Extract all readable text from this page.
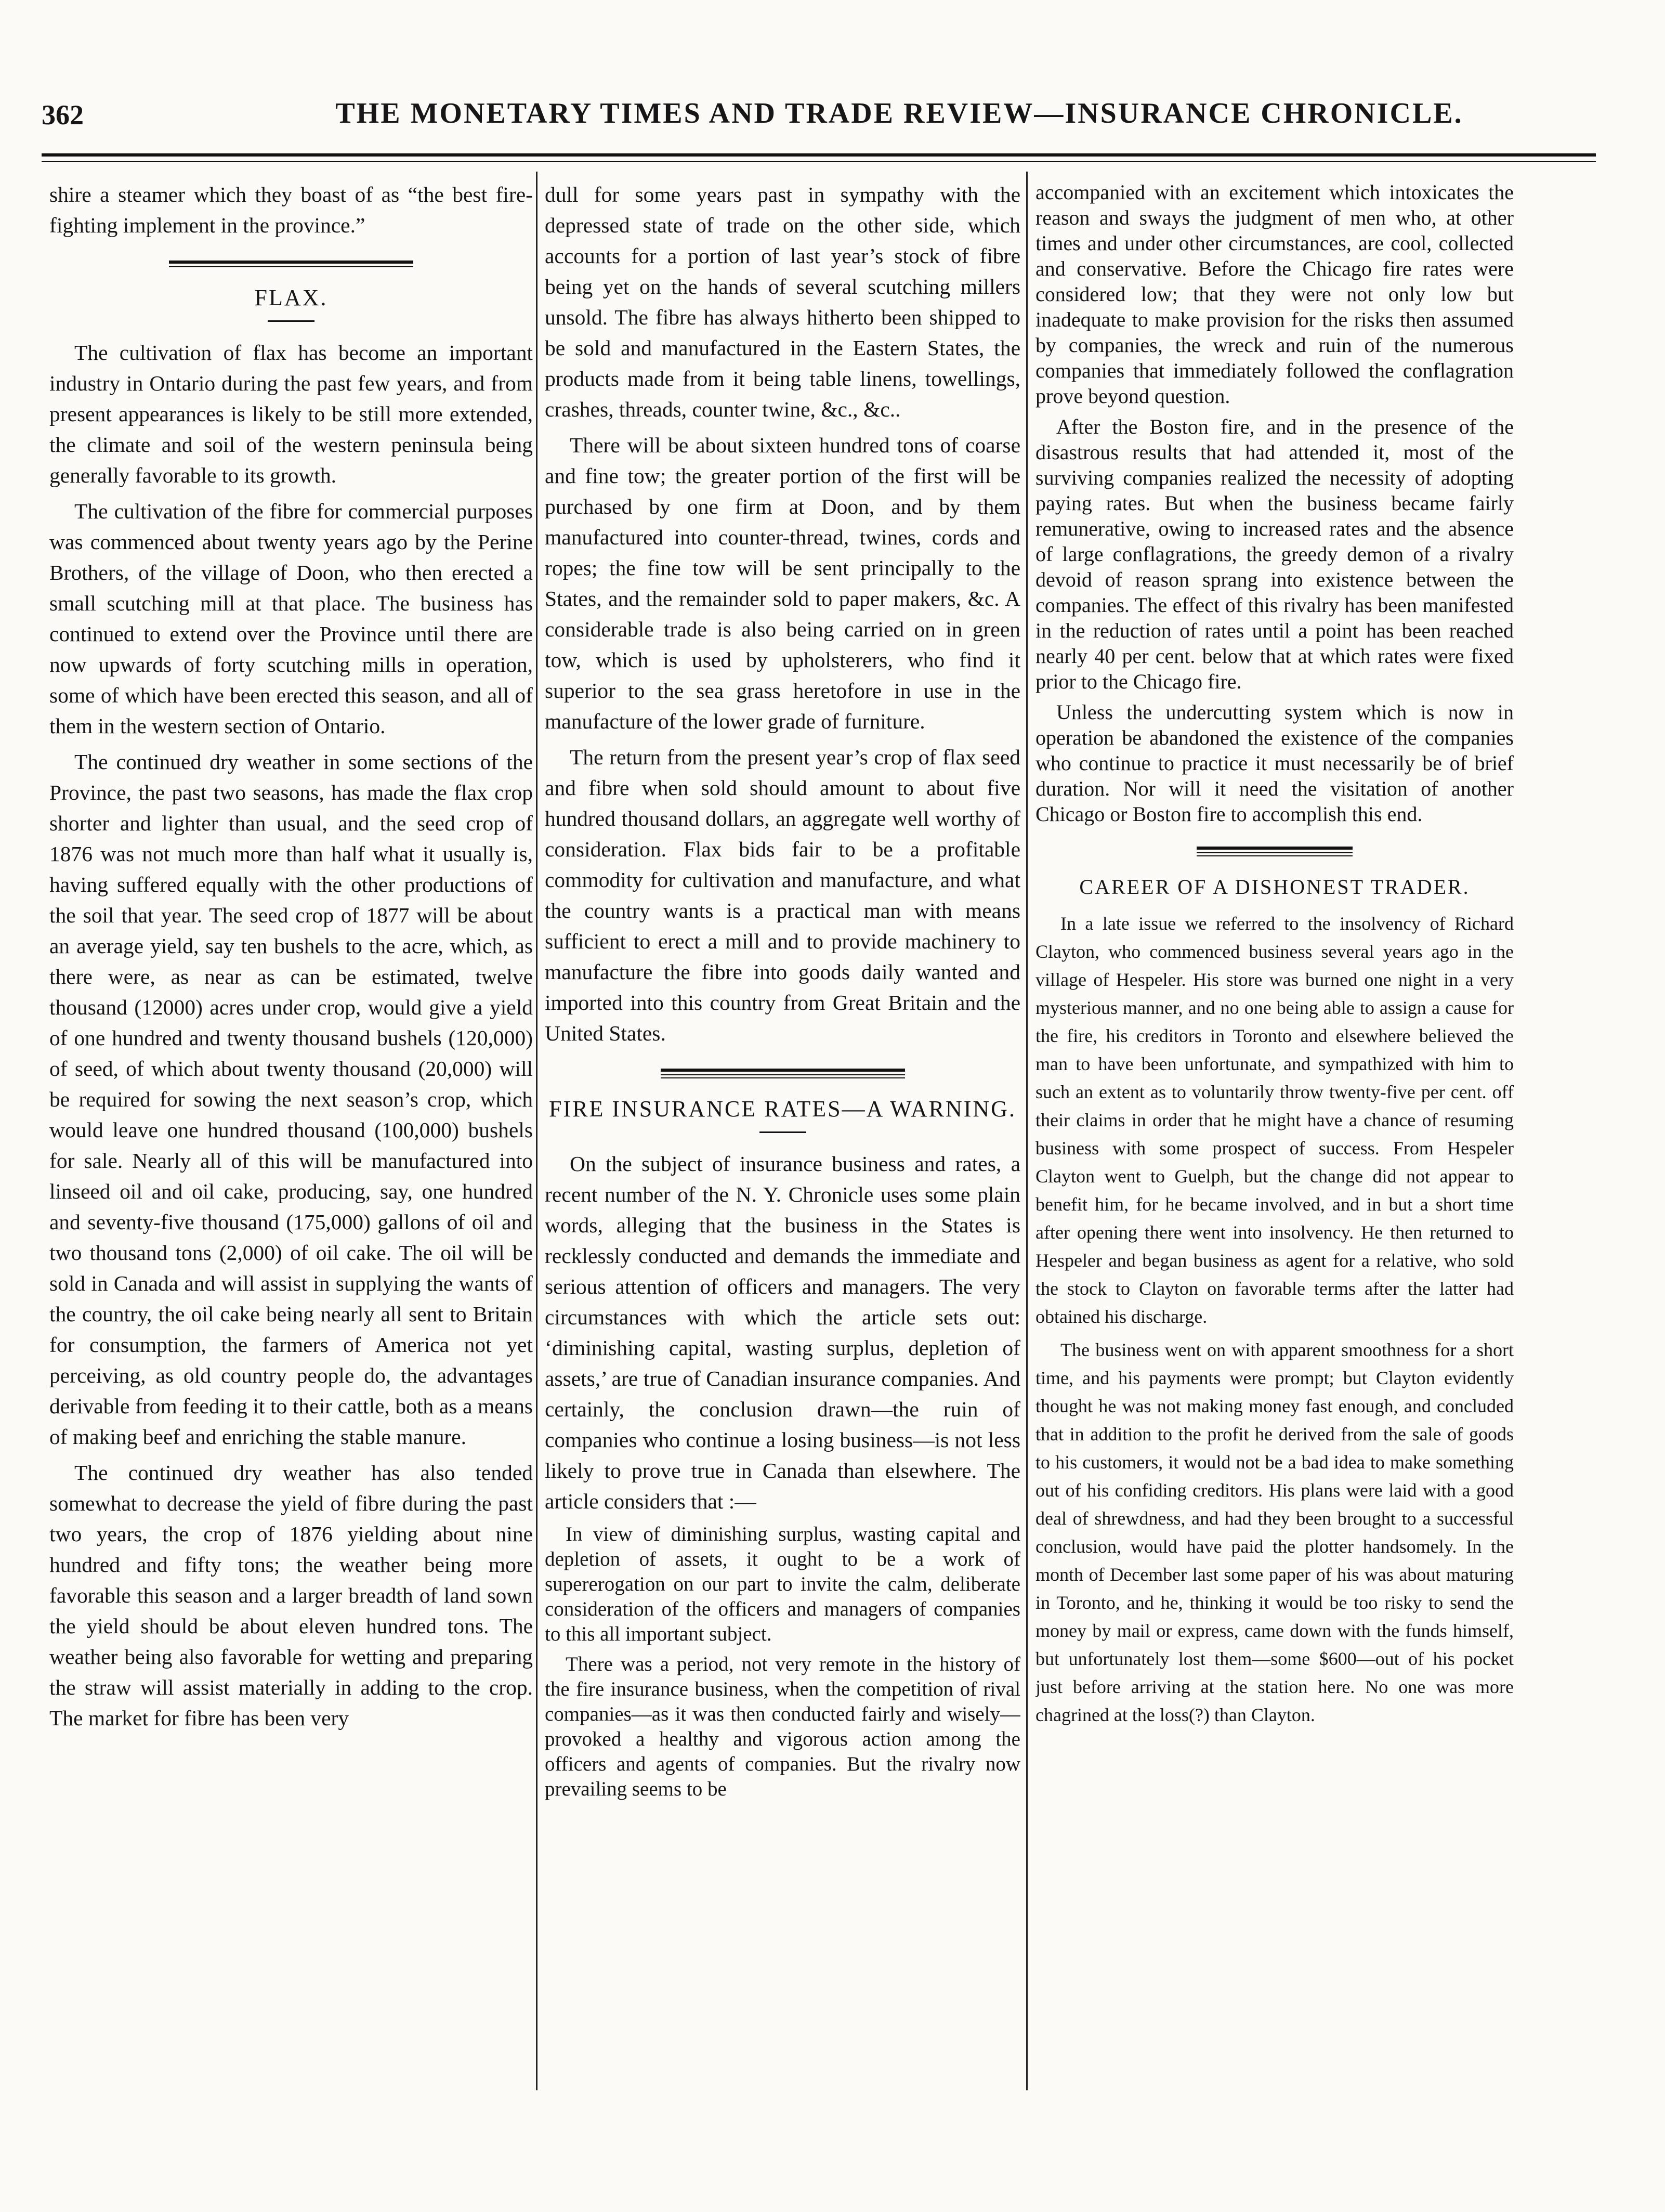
362	THE MONETARY TIMES AND TRADE REVIEW—INSURANCE CHRONICLE.

shire a steamer which they boast of as “the best fire-fighting implement in the province.”

FLAX.

The cultivation of flax has become an important industry in Ontario during the past few years, and from present appearances is likely to be still more extended, the climate and soil of the western peninsula being generally favorable to its growth.

The cultivation of the fibre for commercial purposes was commenced about twenty years ago by the Perine Brothers, of the village of Doon, who then erected a small scutching mill at that place. The business has continued to extend over the Province until there are now upwards of forty scutching mills in operation, some of which have been erected this season, and all of them in the western section of Ontario.

The continued dry weather in some sections of the Province, the past two seasons, has made the flax crop shorter and lighter than usual, and the seed crop of 1876 was not much more than half what it usually is, having suffered equally with the other productions of the soil that year. The seed crop of 1877 will be about an average yield, say ten bushels to the acre, which, as there were, as near as can be estimated, twelve thousand (12000) acres under crop, would give a yield of one hundred and twenty thousand bushels (120,000) of seed, of which about twenty thousand (20,000) will be required for sowing the next season’s crop, which would leave one hundred thousand (100,000) bushels for sale. Nearly all of this will be manufactured into linseed oil and oil cake, producing, say, one hundred and seventy-five thousand (175,000) gallons of oil and two thousand tons (2,000) of oil cake. The oil will be sold in Canada and will assist in supplying the wants of the country, the oil cake being nearly all sent to Britain for consumption, the farmers of America not yet perceiving, as old country people do, the advantages derivable from feeding it to their cattle, both as a means of making beef and enriching the stable manure.

The continued dry weather has also tended somewhat to decrease the yield of fibre during the past two years, the crop of 1876 yielding about nine hundred and fifty tons; the weather being more favorable this season and a larger breadth of land sown the yield should be about eleven hundred tons. The weather being also favorable for wetting and preparing the straw will assist materially in adding to the crop. The market for fibre has been very

dull for some years past in sympathy with the depressed state of trade on the other side, which accounts for a portion of last year’s stock of fibre being yet on the hands of several scutching millers unsold. The fibre has always hitherto been shipped to be sold and manufactured in the Eastern States, the products made from it being table linens, towellings, crashes, threads, counter twine, &c., &c..

There will be about sixteen hundred tons of coarse and fine tow; the greater portion of the first will be purchased by one firm at Doon, and by them manufactured into counter-thread, twines, cords and ropes; the fine tow will be sent principally to the States, and the remainder sold to paper makers, &c. A considerable trade is also being carried on in green tow, which is used by upholsterers, who find it superior to the sea grass heretofore in use in the manufacture of the lower grade of furniture.

The return from the present year’s crop of flax seed and fibre when sold should amount to about five hundred thousand dollars, an aggregate well worthy of consideration. Flax bids fair to be a profitable commodity for cultivation and manufacture, and what the country wants is a practical man with means sufficient to erect a mill and to provide machinery to manufacture the fibre into goods daily wanted and imported into this country from Great Britain and the United States.

FIRE INSURANCE RATES—A WARNING.

On the subject of insurance business and rates, a recent number of the N. Y. Chronicle uses some plain words, alleging that the business in the States is recklessly conducted and demands the immediate and serious attention of officers and managers. The very circumstances with which the article sets out: ‘diminishing capital, wasting surplus, depletion of assets,’ are true of Canadian insurance companies. And certainly, the conclusion drawn—the ruin of companies who continue a losing business—is not less likely to prove true in Canada than elsewhere. The article considers that :—

In view of diminishing surplus, wasting capital and depletion of assets, it ought to be a work of supererogation on our part to invite the calm, deliberate consideration of the officers and managers of companies to this all important subject.

There was a period, not very remote in the history of the fire insurance business, when the competition of rival companies—as it was then conducted fairly and wisely—provoked a healthy and vigorous action among the officers and agents of companies. But the rivalry now prevailing seems to be

accompanied with an excitement which intoxicates the reason and sways the judgment of men who, at other times and under other circumstances, are cool, collected and conservative. Before the Chicago fire rates were considered low; that they were not only low but inadequate to make provision for the risks then assumed by companies, the wreck and ruin of the numerous companies that immediately followed the conflagration prove beyond question.

After the Boston fire, and in the presence of the disastrous results that had attended it, most of the surviving companies realized the necessity of adopting paying rates. But when the business became fairly remunerative, owing to increased rates and the absence of large conflagrations, the greedy demon of a rivalry devoid of reason sprang into existence between the companies. The effect of this rivalry has been manifested in the reduction of rates until a point has been reached nearly 40 per cent. below that at which rates were fixed prior to the Chicago fire.

Unless the undercutting system which is now in operation be abandoned the existence of the companies who continue to practice it must necessarily be of brief duration. Nor will it need the visitation of another Chicago or Boston fire to accomplish this end.

CAREER OF A DISHONEST TRADER.

In a late issue we referred to the insolvency of Richard Clayton, who commenced business several years ago in the village of Hespeler. His store was burned one night in a very mysterious manner, and no one being able to assign a cause for the fire, his creditors in Toronto and elsewhere believed the man to have been unfortunate, and sympathized with him to such an extent as to voluntarily throw twenty-five per cent. off their claims in order that he might have a chance of resuming business with some prospect of success. From Hespeler Clayton went to Guelph, but the change did not appear to benefit him, for he became involved, and in but a short time after opening there went into insolvency. He then returned to Hespeler and began business as agent for a relative, who sold the stock to Clayton on favorable terms after the latter had obtained his discharge.

The business went on with apparent smoothness for a short time, and his payments were prompt; but Clayton evidently thought he was not making money fast enough, and concluded that in addition to the profit he derived from the sale of goods to his customers, it would not be a bad idea to make something out of his confiding creditors. His plans were laid with a good deal of shrewdness, and had they been brought to a successful conclusion, would have paid the plotter handsomely. In the month of December last some paper of his was about maturing in Toronto, and he, thinking it would be too risky to send the money by mail or express, came down with the funds himself, but unfortunately lost them—some $600—out of his pocket just before arriving at the station here. No one was more chagrined at the loss(?) than Clayton.
